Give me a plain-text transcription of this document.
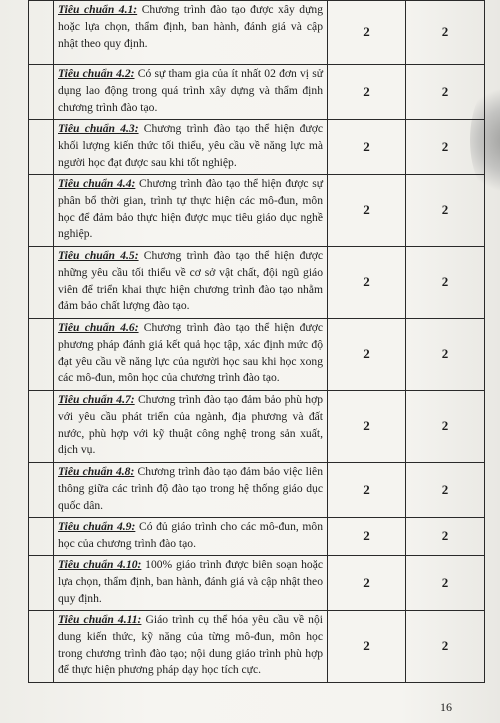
	Tiêu chuẩn 4.1: Chương trình đào tạo được xây dựng hoặc lựa chọn, thẩm định, ban hành, đánh giá và cập nhật theo quy định.	2	2
	Tiêu chuẩn 4.2: Có sự tham gia của ít nhất 02 đơn vị sử dụng lao động trong quá trình xây dựng và thẩm định chương trình đào tạo.	2	2
	Tiêu chuẩn 4.3: Chương trình đào tạo thể hiện được khối lượng kiến thức tối thiểu, yêu cầu về năng lực mà người học đạt được sau khi tốt nghiệp.	2	2
	Tiêu chuẩn 4.4: Chương trình đào tạo thể hiện được sự phân bổ thời gian, trình tự thực hiện các mô-đun, môn học để đảm bảo thực hiện được mục tiêu giáo dục nghề nghiệp.	2	2
	Tiêu chuẩn 4.5: Chương trình đào tạo thể hiện được những yêu cầu tối thiểu về cơ sở vật chất, đội ngũ giáo viên để triển khai thực hiện chương trình đào tạo nhằm đảm bảo chất lượng đào tạo.	2	2
	Tiêu chuẩn 4.6: Chương trình đào tạo thể hiện được phương pháp đánh giá kết quả học tập, xác định mức độ đạt yêu cầu về năng lực của người học sau khi học xong các mô-đun, môn học của chương trình đào tạo.	2	2
	Tiêu chuẩn 4.7: Chương trình đào tạo đảm bảo phù hợp với yêu cầu phát triển của ngành, địa phương và đất nước, phù hợp với kỹ thuật công nghệ trong sản xuất, dịch vụ.	2	2
	Tiêu chuẩn 4.8: Chương trình đào tạo đảm bảo việc liên thông giữa các trình độ đào tạo trong hệ thống giáo dục quốc dân.	2	2
	Tiêu chuẩn 4.9: Có đủ giáo trình cho các mô-đun, môn học của chương trình đào tạo.	2	2
	Tiêu chuẩn 4.10: 100% giáo trình được biên soạn hoặc lựa chọn, thẩm định, ban hành, đánh giá và cập nhật theo quy định.	2	2
	Tiêu chuẩn 4.11: Giáo trình cụ thể hóa yêu cầu về nội dung kiến thức, kỹ năng của từng mô-đun, môn học trong chương trình đào tạo; nội dung giáo trình phù hợp để thực hiện phương pháp dạy học tích cực.	2	2
16
